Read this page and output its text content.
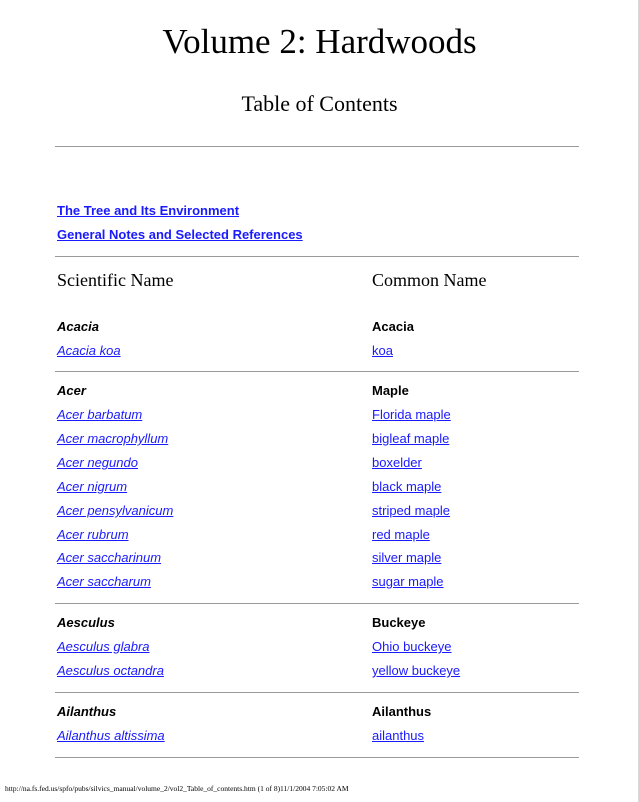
Volume 2: Hardwoods
Table of Contents
The Tree and Its Environment
General Notes and Selected References
Scientific Name	Common Name
Acacia	Acacia
Acacia koa	koa
Acer	Maple
Acer barbatum	Florida maple
Acer macrophyllum	bigleaf maple
Acer negundo	boxelder
Acer nigrum	black maple
Acer pensylvanicum	striped maple
Acer rubrum	red maple
Acer saccharinum	silver maple
Acer saccharum	sugar maple
Aesculus	Buckeye
Aesculus glabra	Ohio buckeye
Aesculus octandra	yellow buckeye
Ailanthus	Ailanthus
Ailanthus altissima	ailanthus
http://na.fs.fed.us/spfo/pubs/silvics_manual/volume_2/vol2_Table_of_contents.htm (1 of 8)11/1/2004 7:05:02 AM
